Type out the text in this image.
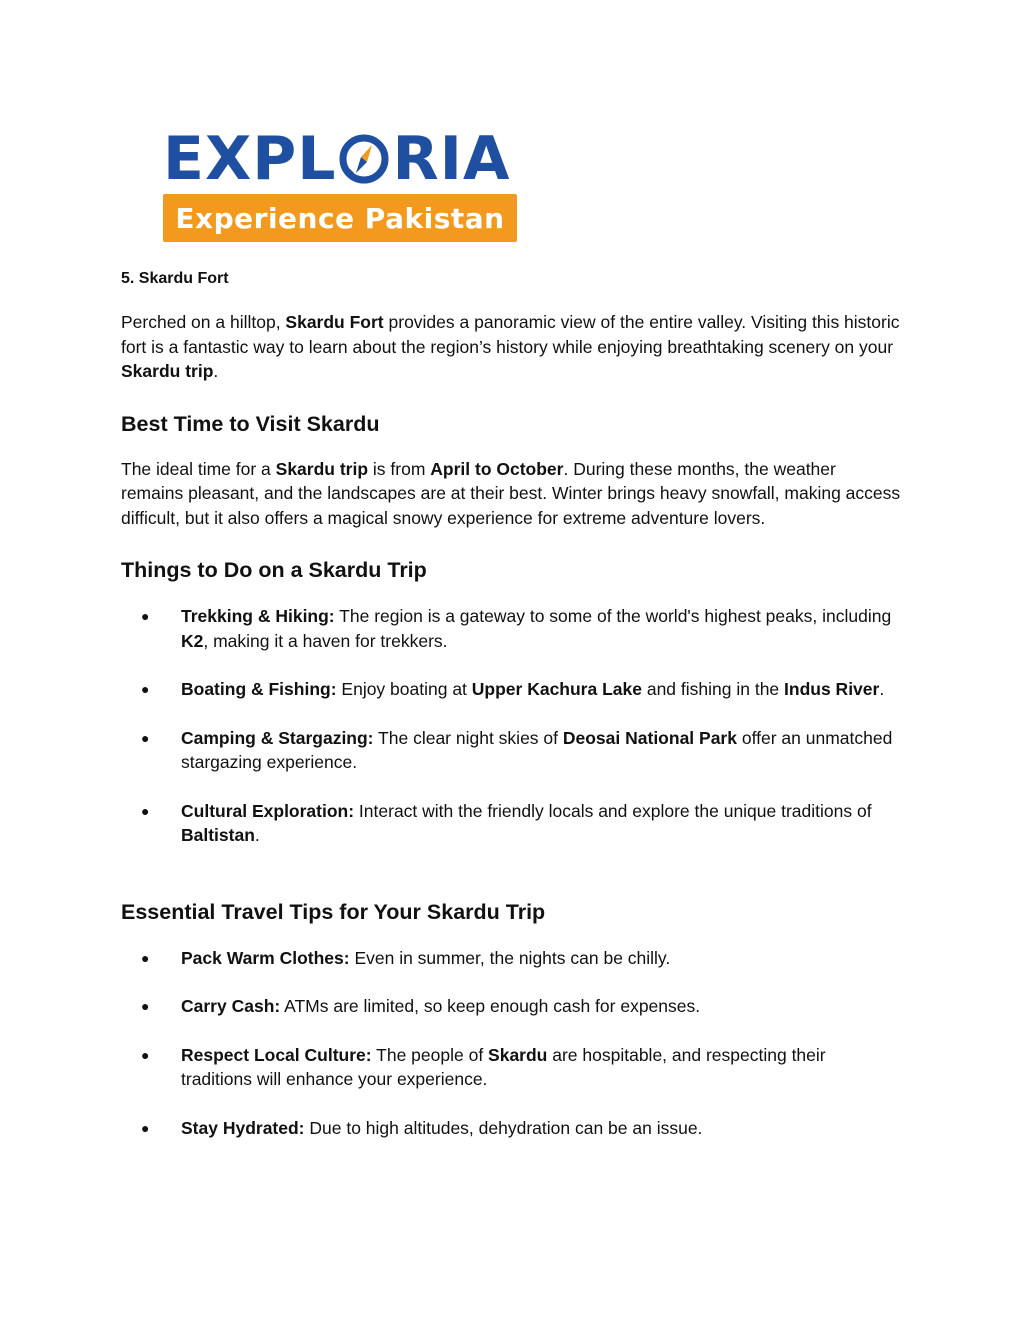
EXPL RIA
Experience Pakistan
5. Skardu Fort

Perched on a hilltop, Skardu Fort provides a panoramic view of the entire valley. Visiting this historic fort is a fantastic way to learn about the region’s history while enjoying breathtaking scenery on your Skardu trip.

Best Time to Visit Skardu

The ideal time for a Skardu trip is from April to October. During these months, the weather remains pleasant, and the landscapes are at their best. Winter brings heavy snowfall, making access difficult, but it also offers a magical snowy experience for extreme adventure lovers.

Things to Do on a Skardu Trip
● Trekking & Hiking: The region is a gateway to some of the world's highest peaks, including K2, making it a haven for trekkers.
● Boating & Fishing: Enjoy boating at Upper Kachura Lake and fishing in the Indus River.
● Camping & Stargazing: The clear night skies of Deosai National Park offer an unmatched stargazing experience.
● Cultural Exploration: Interact with the friendly locals and explore the unique traditions of Baltistan.
Essential Travel Tips for Your Skardu Trip
● Pack Warm Clothes: Even in summer, the nights can be chilly.
● Carry Cash: ATMs are limited, so keep enough cash for expenses.
● Respect Local Culture: The people of Skardu are hospitable, and respecting their traditions will enhance your experience.
● Stay Hydrated: Due to high altitudes, dehydration can be an issue.
